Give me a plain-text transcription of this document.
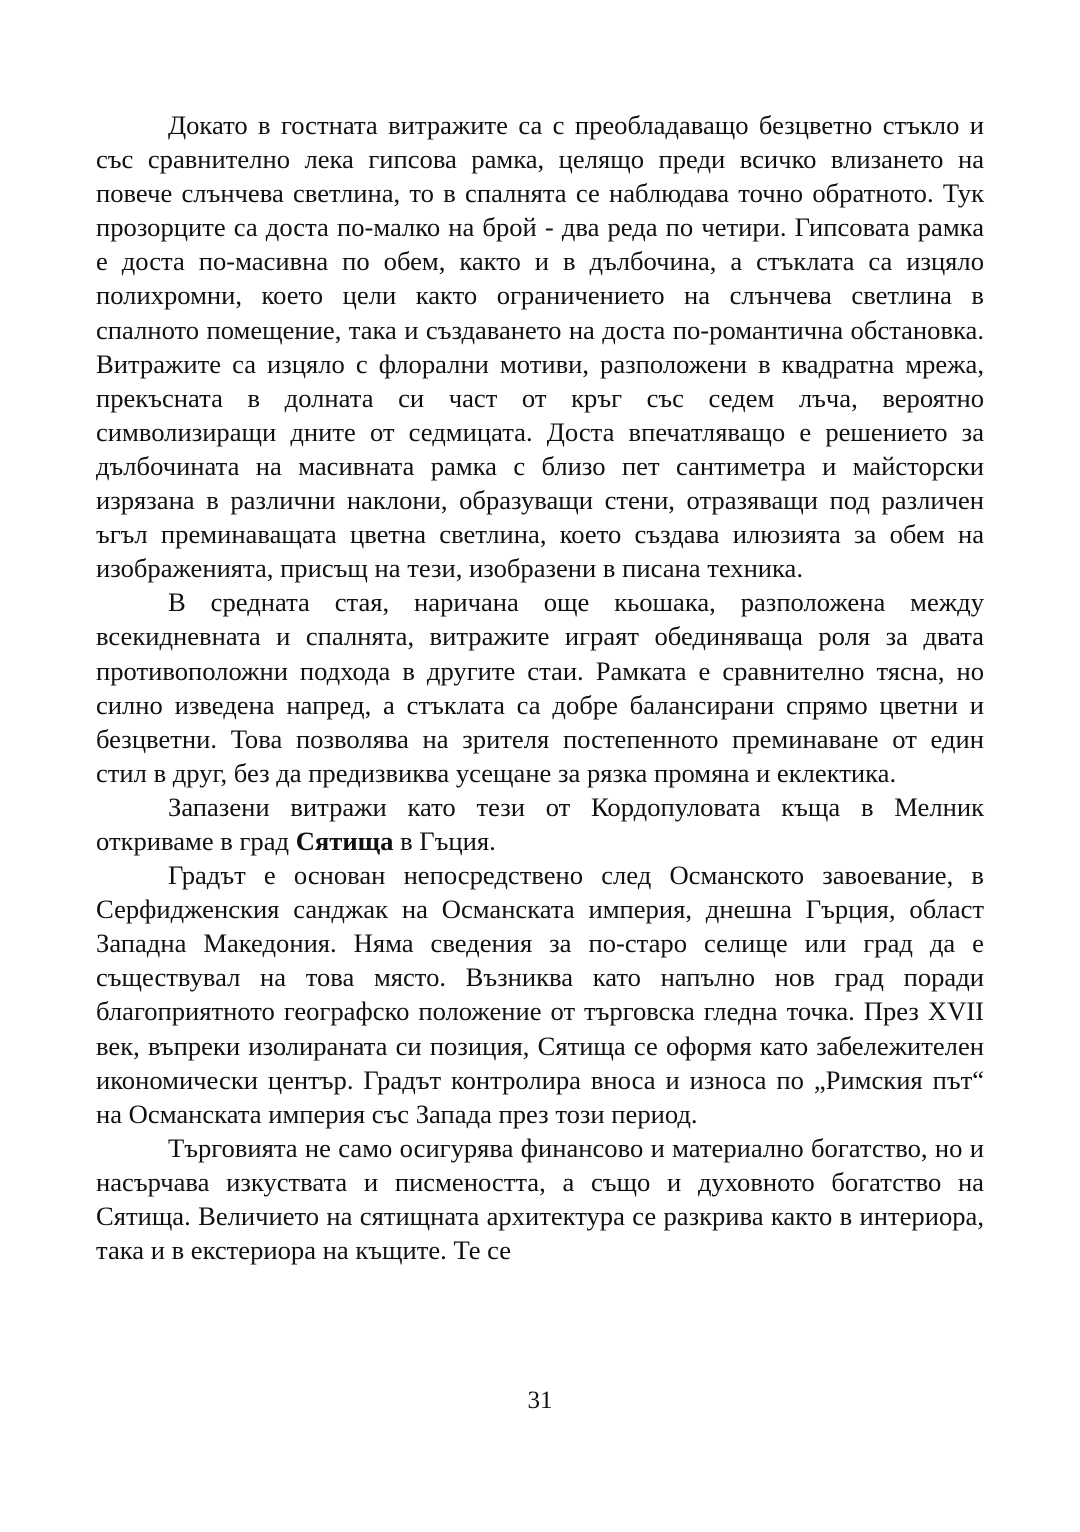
Докато в гостната витражите са с преобладаващо безцветно стъкло и със сравнително лека гипсова рамка, целящо преди всичко влизането на повече слънчева светлина, то в спалнята се наблюдава точно обратното. Тук прозорците са доста по-малко на брой - два реда по четири. Гипсовата рамка е доста по-масивна по обем, както и в дълбочина, а стъклата са изцяло полихромни, което цели както ограничението на слънчева светлина в спалното помещение, така и създаването на доста по-романтична обстановка. Витражите са изцяло с флорални мотиви, разположени в квадратна мрежа, прекъсната в долната си част от кръг със седем лъча, вероятно символизиращи дните от седмицата. Доста впечатляващо е решението за дълбочината на масивната рамка с близо пет сантиметра и майсторски изрязана в различни наклони, образуващи стени, отразяващи под различен ъгъл преминаващата цветна светлина, което създава илюзията за обем на изображенията, присъщ на тези, изобразени в писана техника.

В средната стая, наричана още кьошака, разположена между всекидневната и спалнята, витражите играят обединяваща роля за двата противоположни подхода в другите стаи. Рамката е сравнително тясна, но силно изведена напред, а стъклата са добре балансирани спрямо цветни и безцветни. Това позволява на зрителя постепенното преминаване от един стил в друг, без да предизвиква усещане за рязка промяна и еклектика.

Запазени витражи като тези от Кордопуловата къща в Мелник откриваме в град Сятища в Гъция.

Градът е основан непосредствено след Османското завоевание, в Серфидженския санджак на Османската империя, днешна Гърция, област Западна Македония. Няма сведения за по-старо селище или град да е съществувал на това място. Възниква като напълно нов град поради благоприятното географско положение от търговска гледна точка. През XVII век, въпреки изолираната си позиция, Сятища се оформя като забележителен икономически център. Градът контролира вноса и износа по „Римския път“ на Османската империя със Запада през този период.

Търговията не само осигурява финансово и материално богатство, но и насърчава изкуствата и писмеността, а също и духовното богатство на Сятища. Величието на сятищната архитектура се разкрива както в интериора, така и в екстериора на къщите. Те се

31
